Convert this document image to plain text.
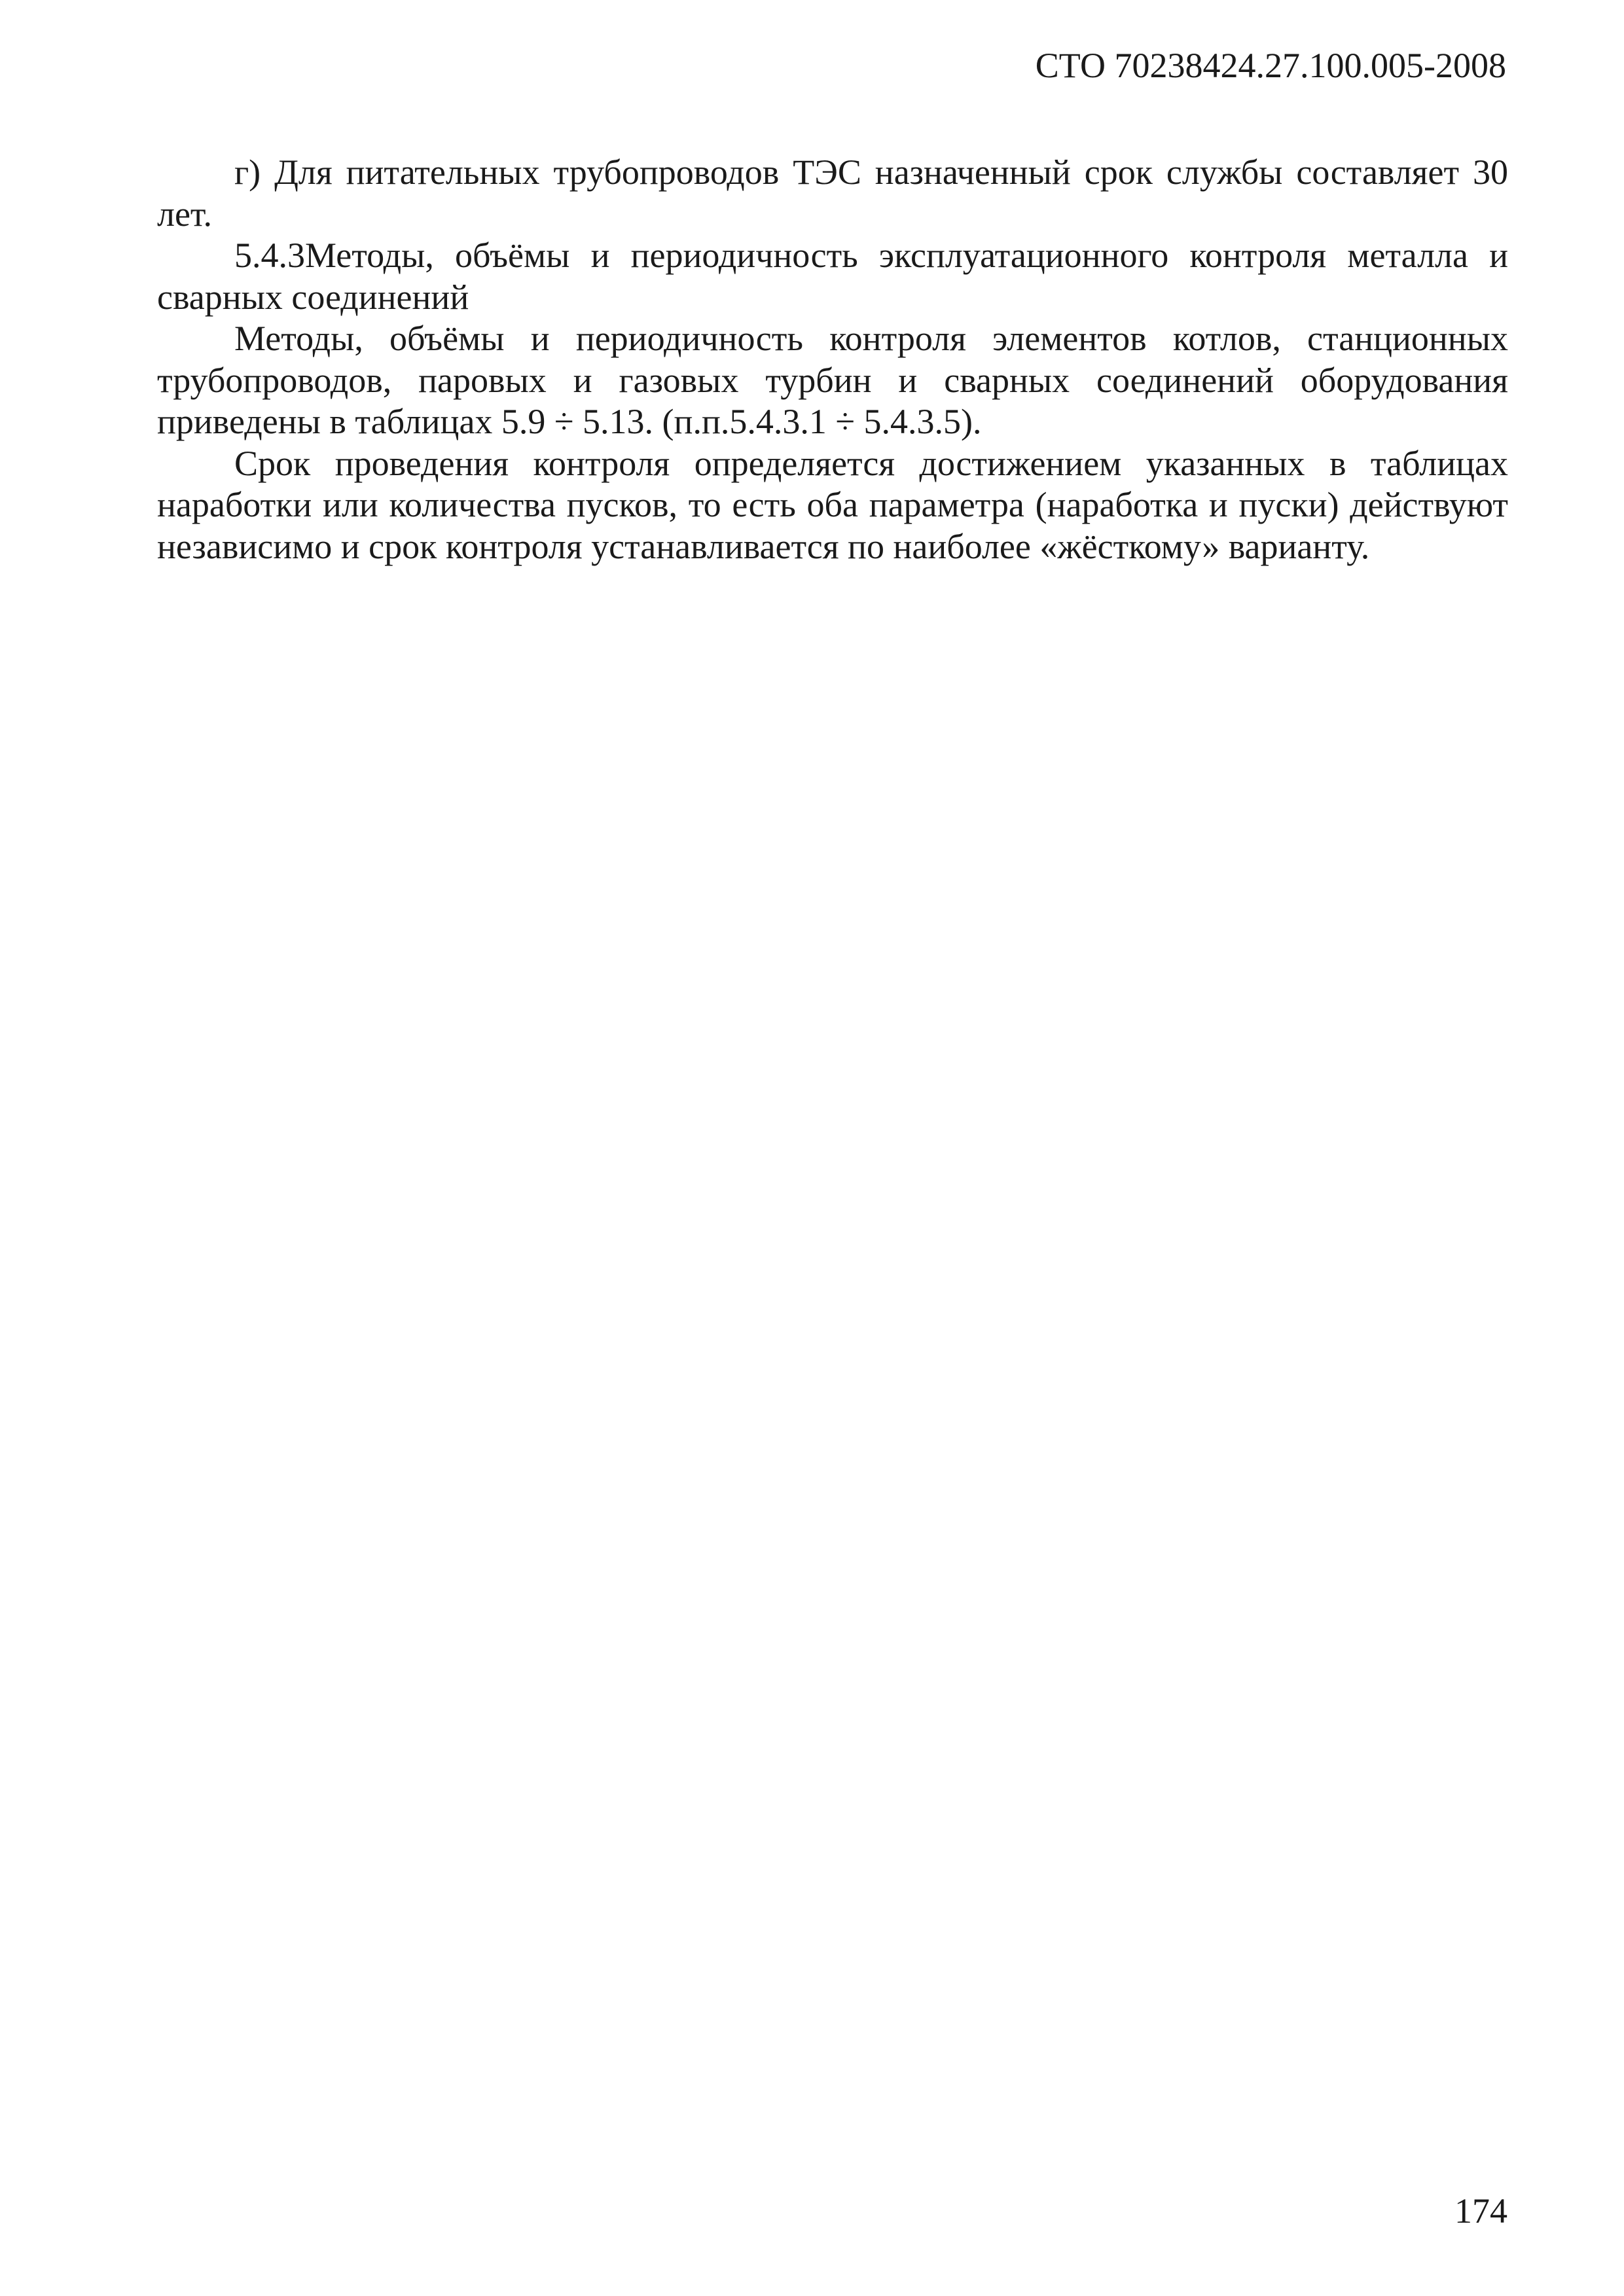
СТО 70238424.27.100.005-2008

г) Для питательных трубопроводов ТЭС назначенный срок службы составляет 30 лет.

5.4.3Методы, объёмы и периодичность эксплуатационного контроля металла и сварных соединений

Методы, объёмы и периодичность контроля элементов котлов, станционных трубопроводов, паровых и газовых турбин и сварных соединений оборудования приведены в таблицах 5.9 ÷ 5.13. (п.п.5.4.3.1 ÷ 5.4.3.5).

Срок проведения контроля определяется достижением указанных в таблицах наработки или количества пусков, то есть оба параметра (наработка и пуски) действуют независимо и срок контроля устанавливается по наиболее «жёсткому» варианту.

174
